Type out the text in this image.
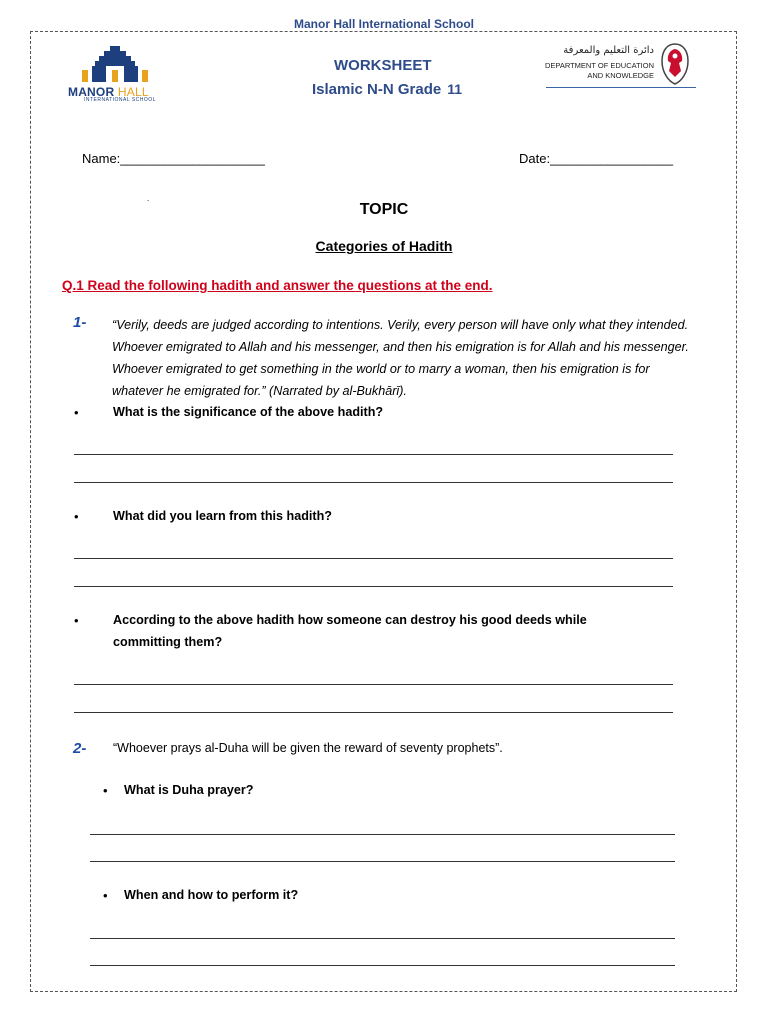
Manor Hall International School
MANOR HALL
INTERNATIONAL SCHOOL
WORKSHEET
Islamic N-N Grade 11
دائرة التعليم والمعرفة
DEPARTMENT OF EDUCATION
AND KNOWLEDGE
Name:____________________	Date:_________________
.
TOPIC
Categories of Hadith
Q.1 Read the following hadith and answer the questions at the end.
1- “Verily, deeds are judged according to intentions. Verily, every person will have only what they intended. Whoever emigrated to Allah and his messenger, and then his emigration is for Allah and his messenger. Whoever emigrated to get something in the world or to marry a woman, then his emigration is for whatever he emigrated for.” (Narrated by al-Bukhārī).
•	What is the significance of the above hadith?
•	What did you learn from this hadith?
•	According to the above hadith how someone can destroy his good deeds while committing them?
2- “Whoever prays al-Duha will be given the reward of seventy prophets”.
• What is Duha prayer?
• When and how to perform it?
